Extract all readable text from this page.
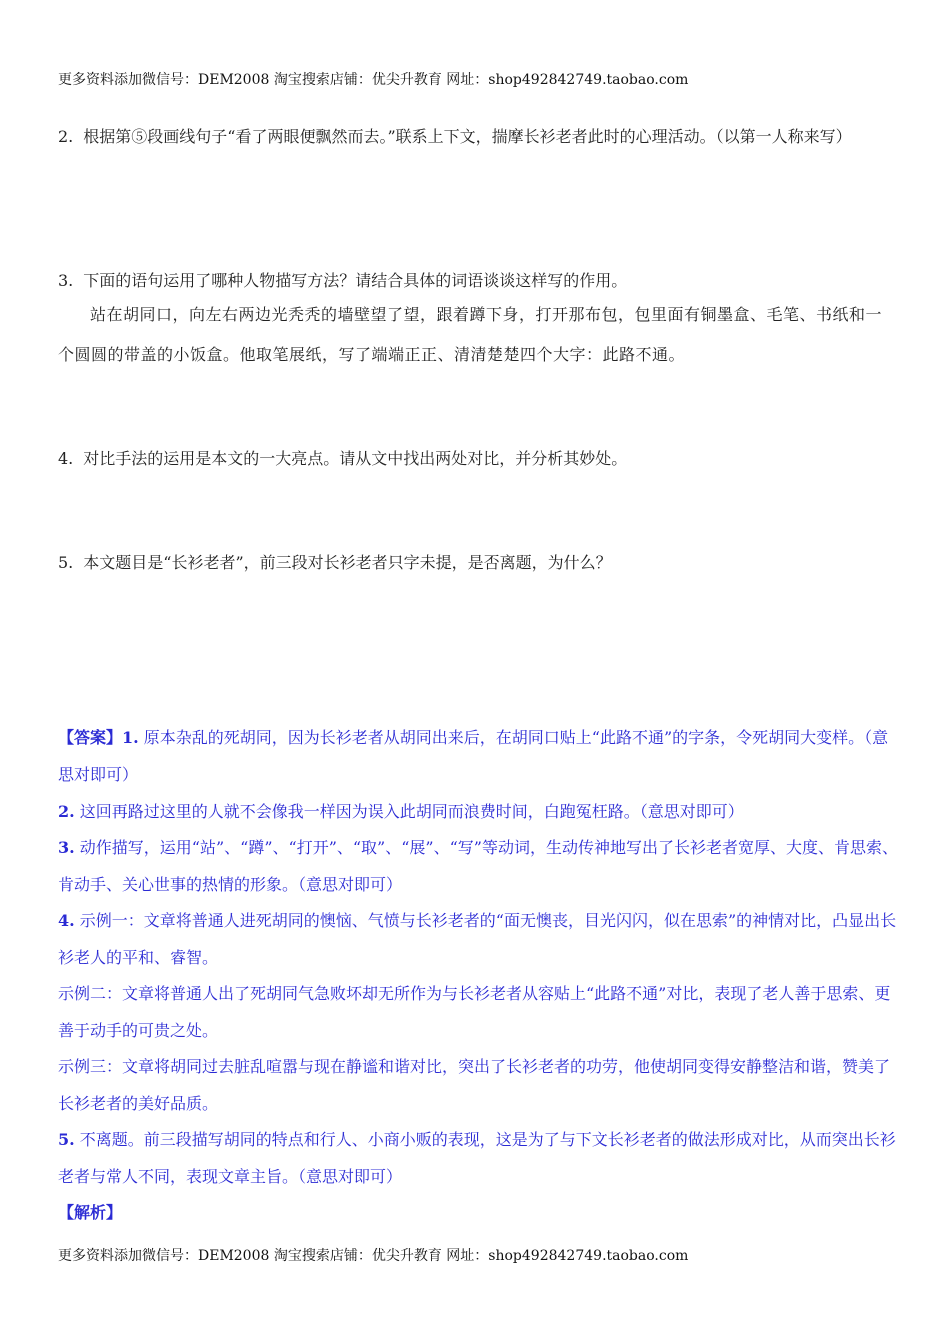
更多资料添加微信号：DEM2008 淘宝搜索店铺：优尖升教育 网址：shop492842749.taobao.com
2. 根据第⑤段画线句子“看了两眼便飘然而去。”联系上下文，揣摩长衫老者此时的心理活动。（以第一人称来写）
3. 下面的语句运用了哪种人物描写方法？请结合具体的词语谈谈这样写的作用。
站在胡同口，向左右两边光秃秃的墙壁望了望，跟着蹲下身，打开那布包，包里面有铜墨盒、毛笔、书纸和一个圆圆的带盖的小饭盒。他取笔展纸，写了端端正正、清清楚楚四个大字：此路不通。
4. 对比手法的运用是本文的一大亮点。请从文中找出两处对比，并分析其妙处。
5. 本文题目是“长衫老者”，前三段对长衫老者只字未提，是否离题，为什么？
【答案】1. 原本杂乱的死胡同，因为长衫老者从胡同出来后，在胡同口贴上“此路不通”的字条，令死胡同大变样。（意思对即可）
2. 这回再路过这里的人就不会像我一样因为误入此胡同而浪费时间，白跑冤枉路。（意思对即可）
3. 动作描写，运用“站”、“蹲”、“打开”、“取”、“展”、“写”等动词，生动传神地写出了长衫老者宽厚、大度、肯思索、肯动手、关心世事的热情的形象。（意思对即可）
4. 示例一：文章将普通人进死胡同的懊恼、气愤与长衫老者的“面无懊丧，目光闪闪，似在思索”的神情对比，凸显出长衫老人的平和、睿智。
示例二：文章将普通人出了死胡同气急败坏却无所作为与长衫老者从容贴上“此路不通”对比，表现了老人善于思索、更善于动手的可贵之处。
示例三：文章将胡同过去脏乱喧嚣与现在静谧和谐对比，突出了长衫老者的功劳，他使胡同变得安静整洁和谐，赞美了长衫老者的美好品质。
5. 不离题。前三段描写胡同的特点和行人、小商小贩的表现，这是为了与下文长衫老者的做法形成对比，从而突出长衫老者与常人不同，表现文章主旨。（意思对即可）
【解析】
更多资料添加微信号：DEM2008 淘宝搜索店铺：优尖升教育 网址：shop492842749.taobao.com
